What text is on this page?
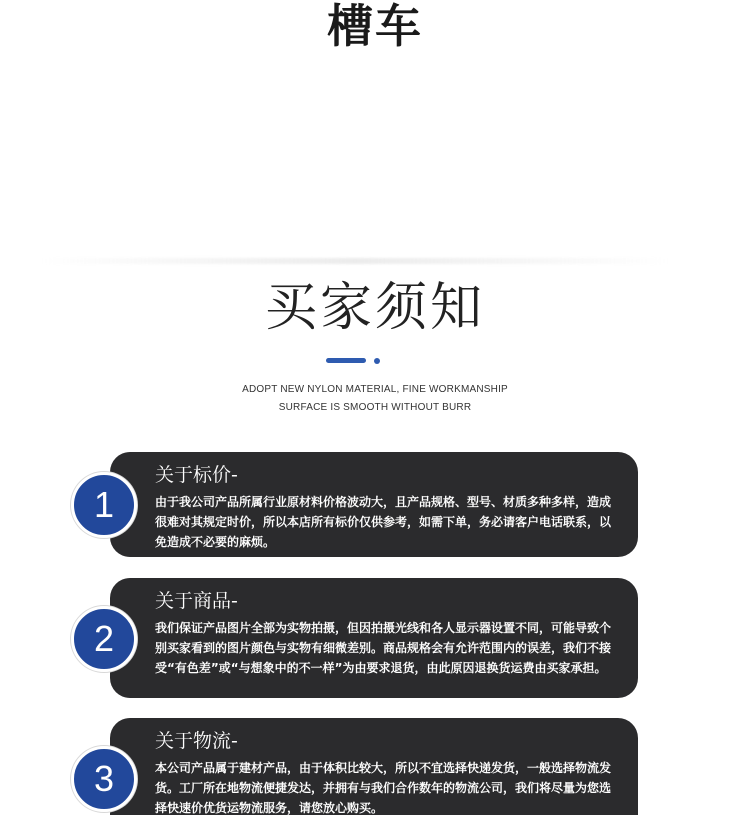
槽车
买家须知
ADOPT NEW NYLON MATERIAL, FINE WORKMANSHIP
SURFACE IS SMOOTH WITHOUT BURR
1
关于标价-
由于我公司产品所属行业原材料价格波动大，且产品规格、型号、材质多种多样，造成很难对其规定时价，所以本店所有标价仅供参考，如需下单，务必请客户电话联系，以免造成不必要的麻烦。
2
关于商品-
我们保证产品图片全部为实物拍摄，但因拍摄光线和各人显示器设置不同，可能导致个别买家看到的图片颜色与实物有细微差别。商品规格会有允许范围内的误差，我们不接受“有色差”或“与想象中的不一样”为由要求退货，由此原因退换货运费由买家承担。
3
关于物流-
本公司产品属于建材产品，由于体积比较大，所以不宜选择快递发货，一般选择物流发货。工厂所在地物流便捷发达，并拥有与我们合作数年的物流公司，我们将尽量为您选择快速价优货运物流服务，请您放心购买。
